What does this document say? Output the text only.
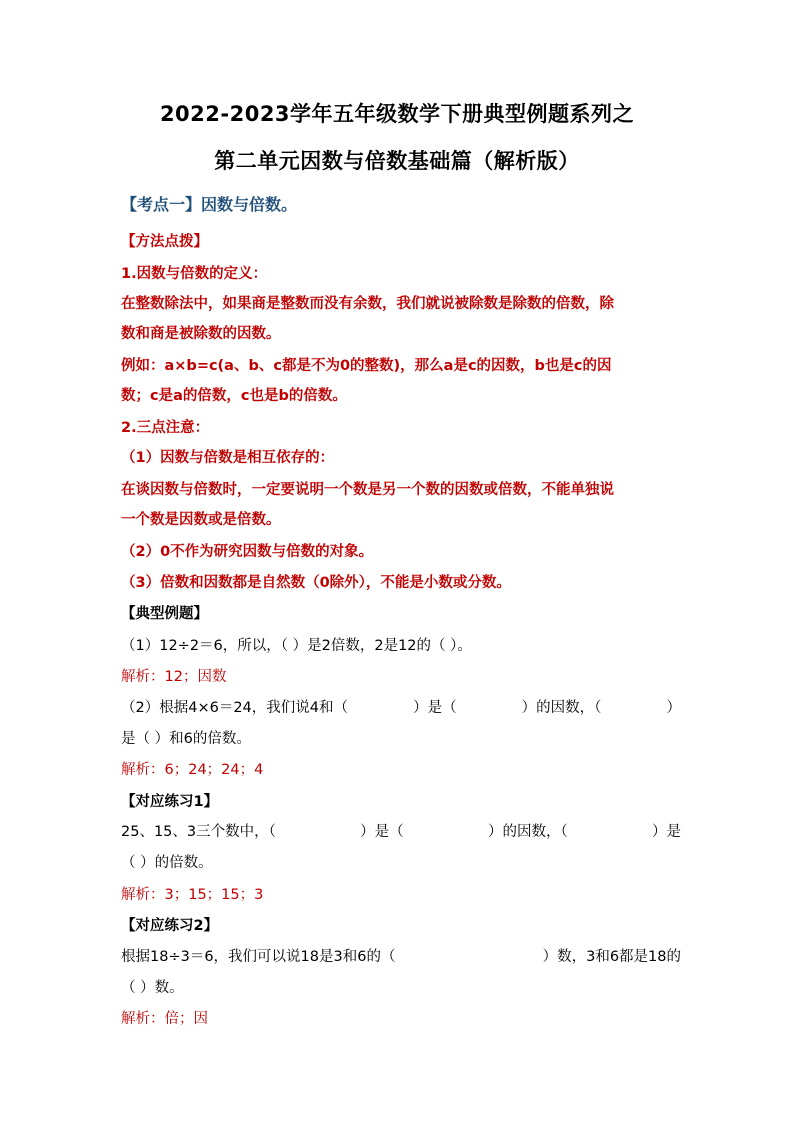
2022-2023学年五年级数学下册典型例题系列之
第二单元因数与倍数基础篇（解析版）
【考点一】因数与倍数。
【方法点拨】
1.因数与倍数的定义：
在整数除法中，如果商是整数而没有余数，我们就说被除数是除数的倍数，除
数和商是被除数的因数。
例如：a×b=c(a、b、c都是不为0的整数)，那么a是c的因数，b也是c的因
数；c是a的倍数，c也是b的倍数。
2.三点注意：
（1）因数与倍数是相互依存的：
在谈因数与倍数时，一定要说明一个数是另一个数的因数或倍数，不能单独说
一个数是因数或是倍数。
（2）0不作为研究因数与倍数的对象。
（3）倍数和因数都是自然数（0除外），不能是小数或分数。
【典型例题】
（1）12÷2＝6，所以，（ ）是2倍数，2是12的（ ）。
解析：12；因数
（2）根据4×6＝24，我们说4和（	）是（	）的因数，（	）
是（ ）和6的倍数。
解析：6；24；24；4
【对应练习1】
25、15、3三个数中，（	）是（	）的因数，（	）是
（ ）的倍数。
解析：3；15；15；3
【对应练习2】
根据18÷3＝6，我们可以说18是3和6的（	）数，3和6都是18的
（ ）数。
解析：倍；因
